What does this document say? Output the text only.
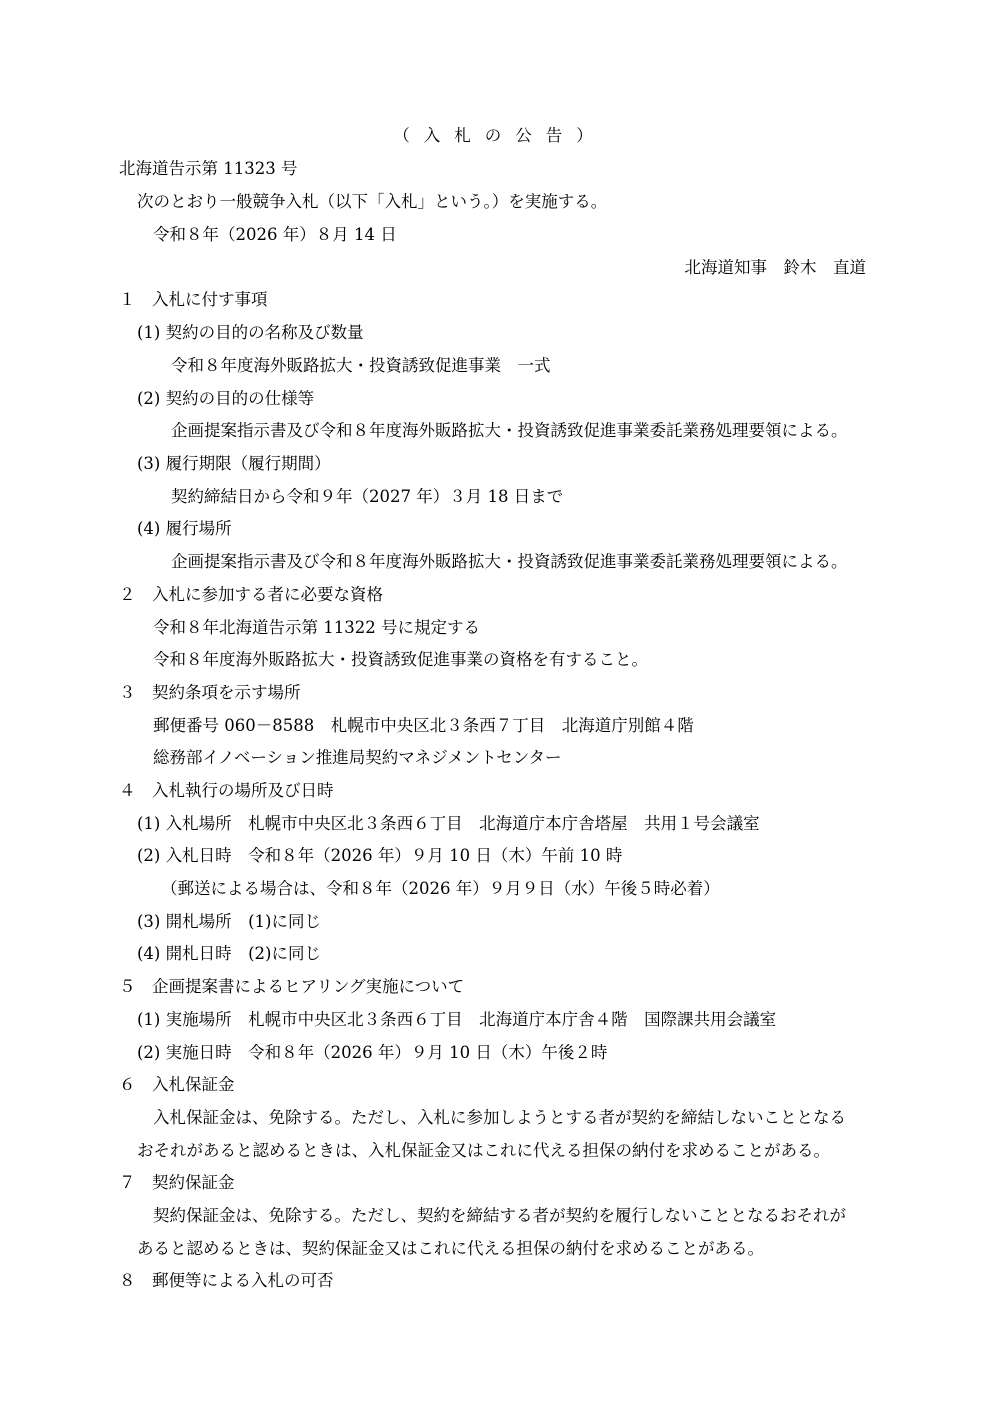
（入札の公告）
北海道告示第 11323 号
次のとおり一般競争入札（以下「入札」という。）を実施する。
令和８年（2026 年）８月 14 日
北海道知事　鈴木　直道
１　入札に付す事項
(1) 契約の目的の名称及び数量
令和８年度海外販路拡大・投資誘致促進事業　一式
(2) 契約の目的の仕様等
企画提案指示書及び令和８年度海外販路拡大・投資誘致促進事業委託業務処理要領による。
(3) 履行期限（履行期間）
契約締結日から令和９年（2027 年）３月 18 日まで
(4) 履行場所
企画提案指示書及び令和８年度海外販路拡大・投資誘致促進事業委託業務処理要領による。
２　入札に参加する者に必要な資格
令和８年北海道告示第 11322 号に規定する
令和８年度海外販路拡大・投資誘致促進事業の資格を有すること。
３　契約条項を示す場所
郵便番号 060－8588　札幌市中央区北３条西７丁目　北海道庁別館４階
総務部イノベーション推進局契約マネジメントセンター
４　入札執行の場所及び日時
(1) 入札場所　札幌市中央区北３条西６丁目　北海道庁本庁舎塔屋　共用１号会議室
(2) 入札日時　令和８年（2026 年）９月 10 日（木）午前 10 時
（郵送による場合は、令和８年（2026 年）９月９日（水）午後５時必着）
(3) 開札場所　(1)に同じ
(4) 開札日時　(2)に同じ
５　企画提案書によるヒアリング実施について
(1) 実施場所　札幌市中央区北３条西６丁目　北海道庁本庁舎４階　国際課共用会議室
(2) 実施日時　令和８年（2026 年）９月 10 日（木）午後２時
６　入札保証金
入札保証金は、免除する。ただし、入札に参加しようとする者が契約を締結しないこととなる
おそれがあると認めるときは、入札保証金又はこれに代える担保の納付を求めることがある。
７　契約保証金
契約保証金は、免除する。ただし、契約を締結する者が契約を履行しないこととなるおそれが
あると認めるときは、契約保証金又はこれに代える担保の納付を求めることがある。
８　郵便等による入札の可否
